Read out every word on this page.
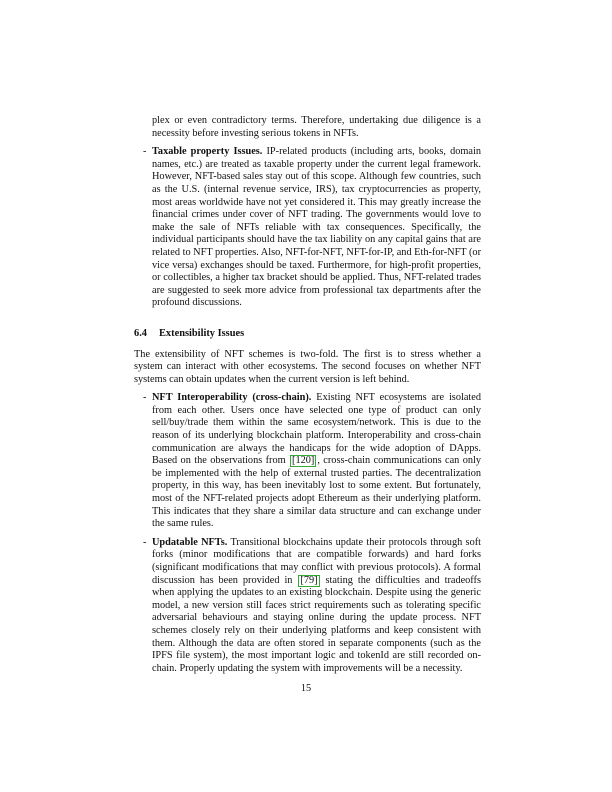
plex or even contradictory terms. Therefore, undertaking due diligence is a necessity before investing serious tokens in NFTs.

- Taxable property Issues. IP-related products (including arts, books, domain names, etc.) are treated as taxable property under the current legal framework. However, NFT-based sales stay out of this scope. Although few countries, such as the U.S. (internal revenue service, IRS), tax cryptocurrencies as property, most areas worldwide have not yet considered it. This may greatly increase the financial crimes under cover of NFT trading. The governments would love to make the sale of NFTs reliable with tax consequences. Specifically, the individual participants should have the tax liability on any capital gains that are related to NFT properties. Also, NFT-for-NFT, NFT-for-IP, and Eth-for-NFT (or vice versa) exchanges should be taxed. Furthermore, for high-profit properties, or collectibles, a higher tax bracket should be applied. Thus, NFT-related trades are suggested to seek more advice from professional tax departments after the profound discussions.
6.4 Extensibility Issues

The extensibility of NFT schemes is two-fold. The first is to stress whether a system can interact with other ecosystems. The second focuses on whether NFT systems can obtain updates when the current version is left behind.

- NFT Interoperability (cross-chain). Existing NFT ecosystems are isolated from each other. Users once have selected one type of product can only sell/buy/trade them within the same ecosystem/network. This is due to the reason of its underlying blockchain platform. Interoperability and cross-chain communication are always the handicaps for the wide adoption of DApps. Based on the observations from [120] , cross-chain communications can only be implemented with the help of external trusted parties. The decentralization property, in this way, has been inevitably lost to some extent. But fortunately, most of the NFT-related projects adopt Ethereum as their underlying platform. This indicates that they share a similar data structure and can exchange under the same rules.
- Updatable NFTs. Transitional blockchains update their protocols through soft forks (minor modifications that are compatible forwards) and hard forks (significant modifications that may conflict with previous protocols). A formal discussion has been provided in [79] stating the difficulties and tradeoffs when applying the updates to an existing blockchain. Despite using the generic model, a new version still faces strict requirements such as tolerating specific adversarial behaviours and staying online during the update process. NFT schemes closely rely on their underlying platforms and keep consistent with them. Although the data are often stored in separate components (such as the IPFS file system), the most important logic and tokenId are still recorded on-chain. Properly updating the system with improvements will be a necessity.
15
